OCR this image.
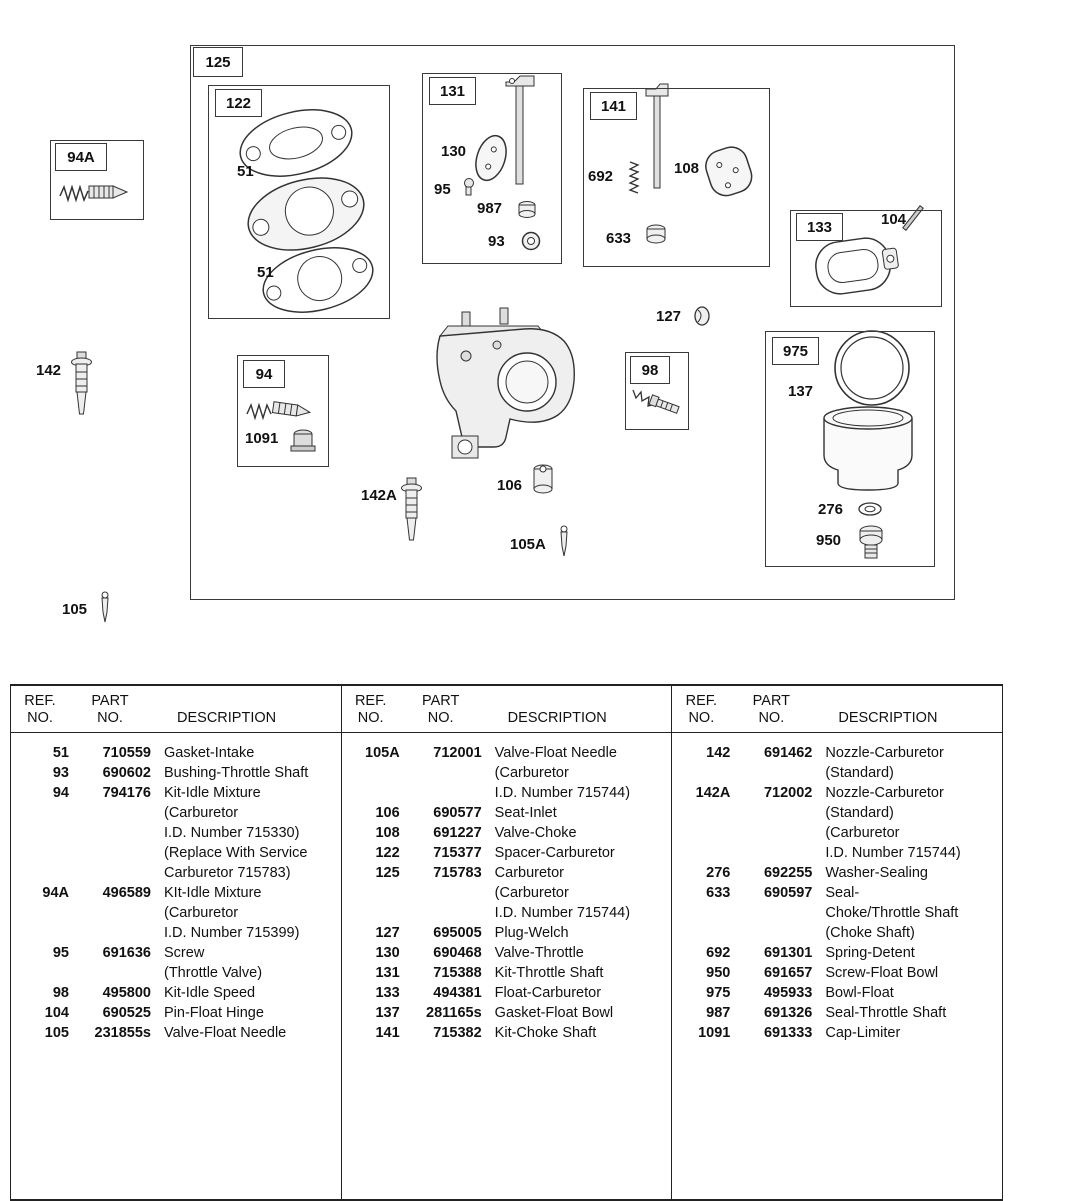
125
122
131
141
133
975
94A
94	98
51
51
130
95
987
93
692	108
633
104
127
137
276
950
142
1091
142A
106
105A
105
REF.
NO.
PART
NO.	DESCRIPTION
51	710559 Gasket-Intake
93	690602 Bushing-Throttle Shaft
94	794176 Kit-Idle Mixture
(Carburetor
I.D. Number 715330)
(Replace With Service
Carburetor 715783)
94A	496589 KIt-Idle Mixture
(Carburetor
I.D. Number 715399)
95	691636 Screw
(Throttle Valve)
98	495800 Kit-Idle Speed
104	690525 Pin-Float Hinge
105	231855s Valve-Float Needle
REF.
NO.
PART
NO.	DESCRIPTION
105A	712001 Valve-Float Needle
(Carburetor
I.D. Number 715744)
106	690577 Seat-Inlet
108	691227 Valve-Choke
122	715377 Spacer-Carburetor
125	715783 Carburetor
(Carburetor
I.D. Number 715744)
127	695005 Plug-Welch
130	690468 Valve-Throttle
131	715388 Kit-Throttle Shaft
133	494381 Float-Carburetor
137	281165s Gasket-Float Bowl
141	715382 Kit-Choke Shaft
REF.
NO.
PART
NO.	DESCRIPTION
142	691462 Nozzle-Carburetor
(Standard)
142A	712002 Nozzle-Carburetor
(Standard)
(Carburetor
I.D. Number 715744)
276	692255 Washer-Sealing
633	690597 Seal-
Choke/Throttle Shaft
(Choke Shaft)
692	691301 Spring-Detent
950	691657 Screw-Float Bowl
975	495933 Bowl-Float
987	691326 Seal-Throttle Shaft
1091	691333 Cap-Limiter
